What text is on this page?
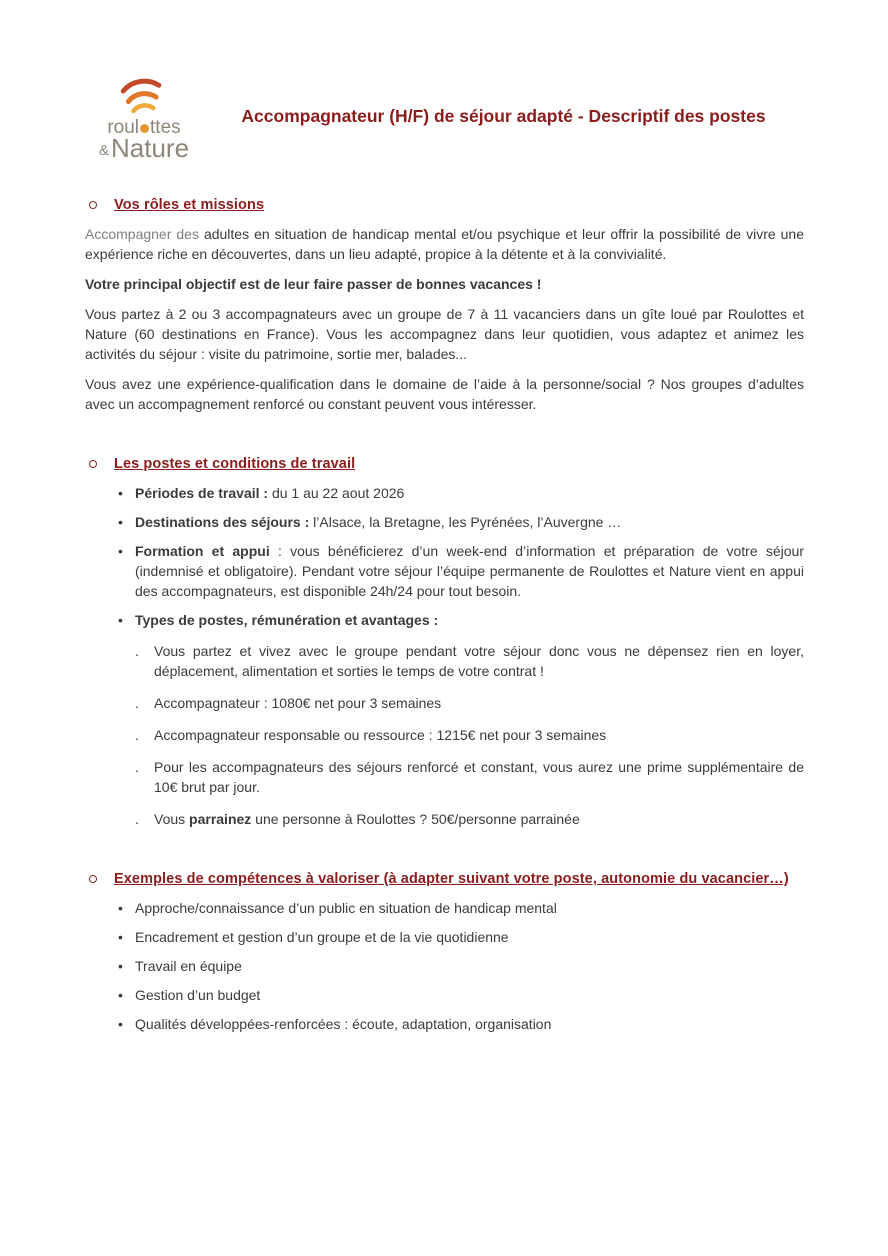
roul ttes
&Nature
Accompagnateur (H/F) de séjour adapté - Descriptif des postes
Vos rôles et missions

Accompagner des adultes en situation de handicap mental et/ou psychique et leur offrir la possibilité de vivre une expérience riche en découvertes, dans un lieu adapté, propice à la détente et à la convivialité.

Votre principal objectif est de leur faire passer de bonnes vacances !

Vous partez à 2 ou 3 accompagnateurs avec un groupe de 7 à 11 vacanciers dans un gîte loué par Roulottes et Nature (60 destinations en France). Vous les accompagnez dans leur quotidien, vous adaptez et animez les activités du séjour : visite du patrimoine, sortie mer, balades...

Vous avez une expérience-qualification dans le domaine de l’aide à la personne/social ? Nos groupes d’adultes avec un accompagnement renforcé ou constant peuvent vous intéresser.

Les postes et conditions de travail
•
Périodes de travail : du 1 au 22 aout 2026
•
Destinations des séjours : l’Alsace, la Bretagne, les Pyrénées, l’Auvergne …
•
Formation et appui : vous bénéficierez d’un week-end d’information et préparation de votre séjour (indemnisé et obligatoire). Pendant votre séjour l’équipe permanente de Roulottes et Nature vient en appui des accompagnateurs, est disponible 24h/24 pour tout besoin.
•
Types de postes, rémunération et avantages :
.
Vous partez et vivez avec le groupe pendant votre séjour donc vous ne dépensez rien en loyer, déplacement, alimentation et sorties le temps de votre contrat !
.
Accompagnateur : 1080€ net pour 3 semaines
.
Accompagnateur responsable ou ressource : 1215€ net pour 3 semaines
.
Pour les accompagnateurs des séjours renforcé et constant, vous aurez une prime supplémentaire de 10€ brut par jour.
.
Vous parrainez une personne à Roulottes ? 50€/personne parrainée
Exemples de compétences à valoriser (à adapter suivant votre poste, autonomie du vacancier…)
•
Approche/connaissance d’un public en situation de handicap mental
•
Encadrement et gestion d’un groupe et de la vie quotidienne
•
Travail en équipe
•
Gestion d’un budget
•
Qualités développées-renforcées : écoute, adaptation, organisation
